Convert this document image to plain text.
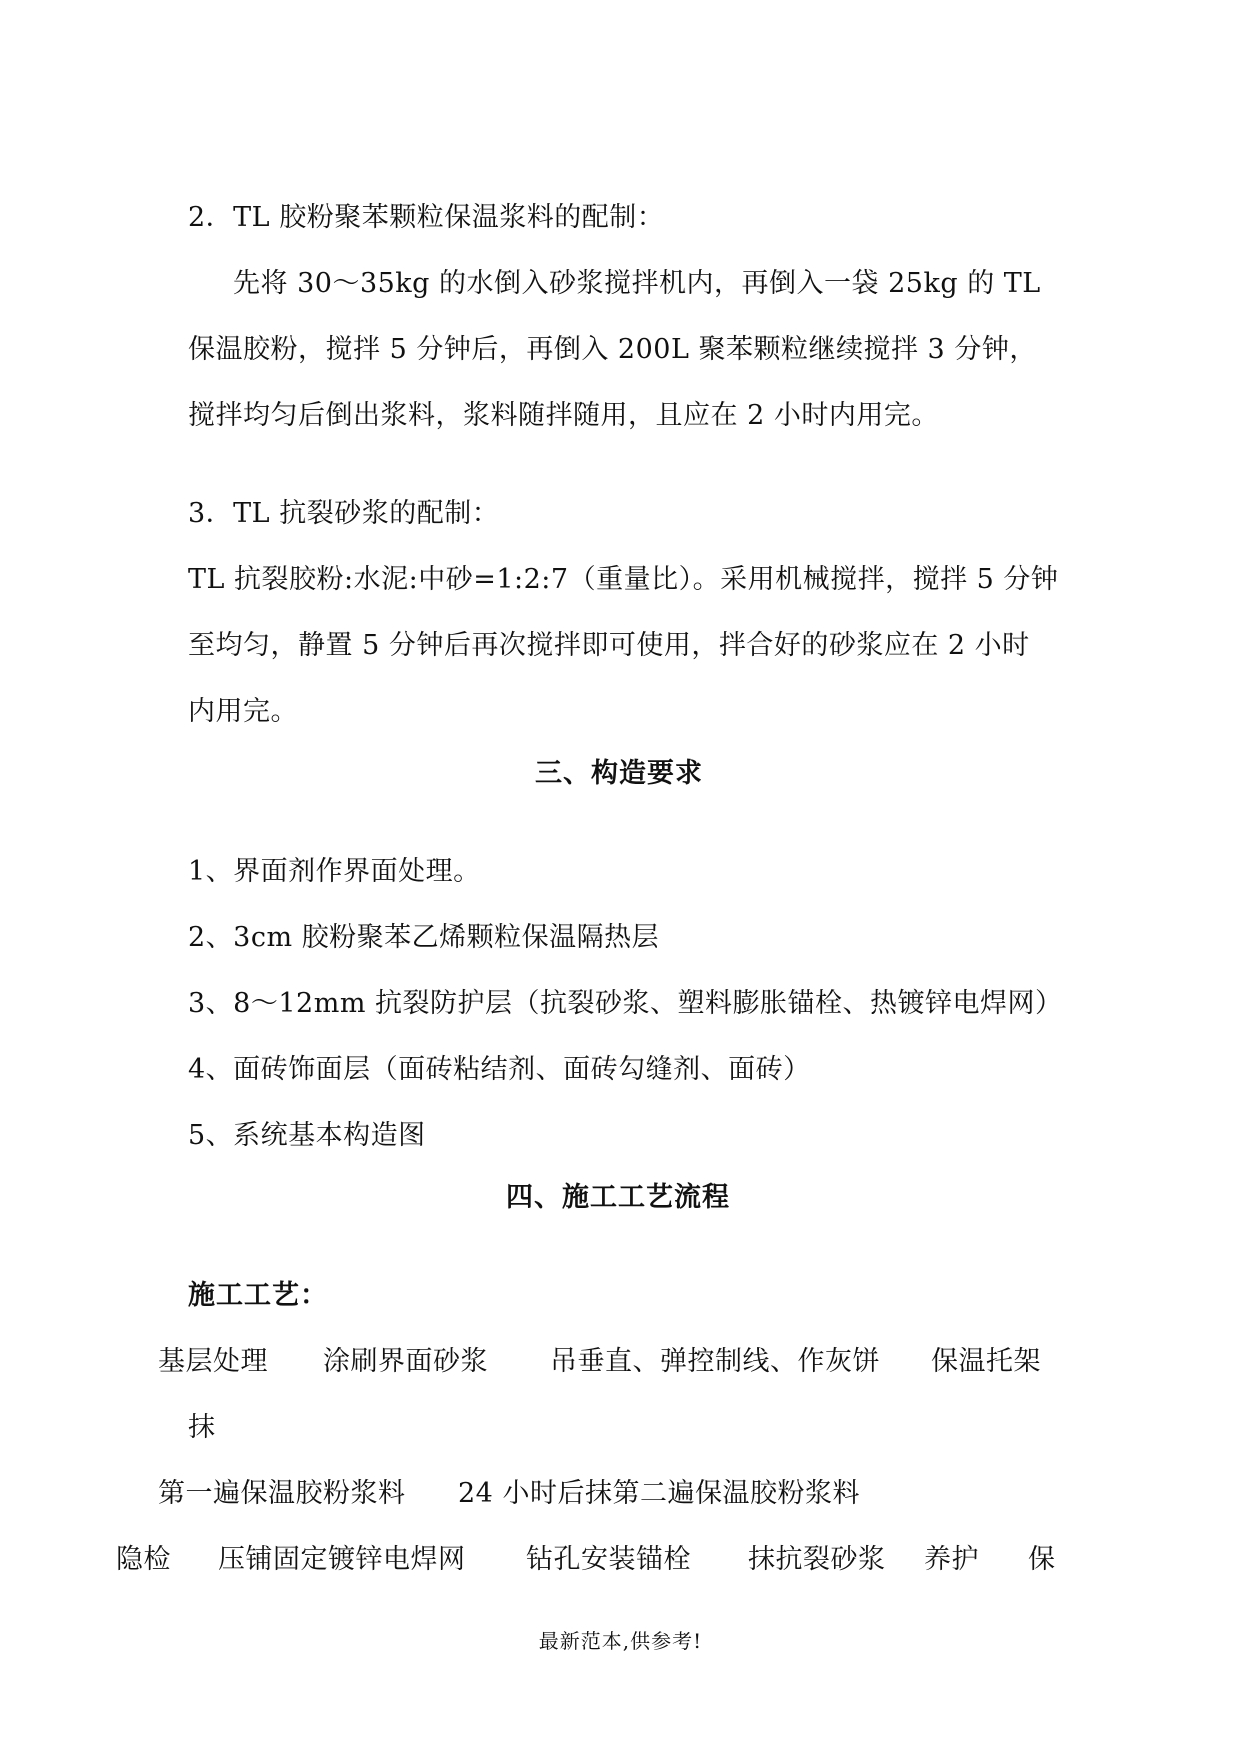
2．TL 胶粉聚苯颗粒保温浆料的配制：
先将 30～35kg 的水倒入砂浆搅拌机内，再倒入一袋 25kg 的 TL
保温胶粉，搅拌 5 分钟后，再倒入 200L 聚苯颗粒继续搅拌 3 分钟，
搅拌均匀后倒出浆料，浆料随拌随用，且应在 2 小时内用完。
3．TL 抗裂砂浆的配制：
TL 抗裂胶粉:水泥:中砂=1:2:7（重量比）。采用机械搅拌，搅拌 5 分钟
至均匀，静置 5 分钟后再次搅拌即可使用，拌合好的砂浆应在 2 小时
内用完。
三、构造要求
1、界面剂作界面处理。
2、3cm 胶粉聚苯乙烯颗粒保温隔热层
3、8～12mm 抗裂防护层（抗裂砂浆、塑料膨胀锚栓、热镀锌电焊网）
4、面砖饰面层（面砖粘结剂、面砖勾缝剂、面砖）
5、系统基本构造图
四、施工工艺流程
施工工艺：
基层处理 涂刷界面砂浆 吊垂直、弹控制线、作灰饼 保温托架
抹
第一遍保温胶粉浆料 24 小时后抹第二遍保温胶粉浆料
隐检 压铺固定镀锌电焊网 钻孔安装锚栓 抹抗裂砂浆 养护 保
最新范本,供参考!
